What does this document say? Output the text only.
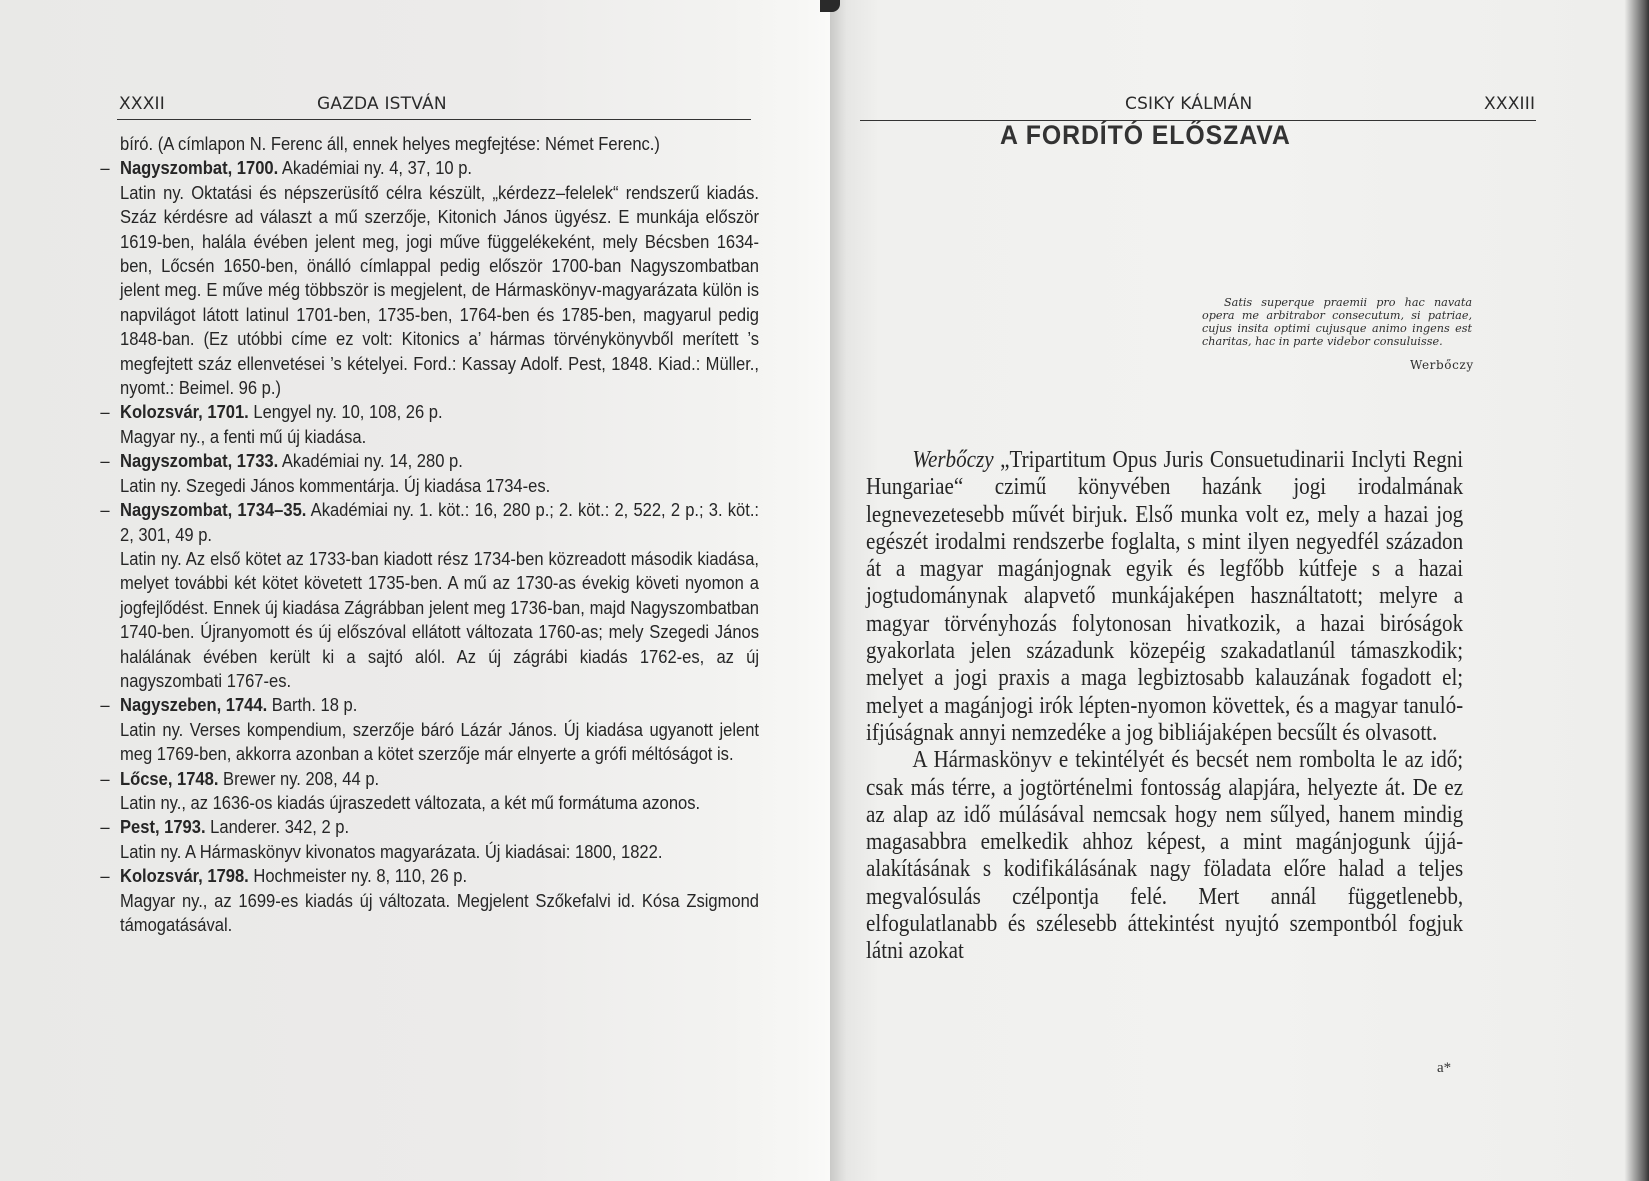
XXXII	GAZDA ISTVÁN
bíró. (A címlapon N. Ferenc áll, ennek helyes megfejtése: Német Ferenc.)
– Nagyszombat, 1700. Akadémiai ny. 4, 37, 10 p.
Latin ny. Oktatási és népszerüsítő célra készült, „kérdezz–felelek“ rendszerű kiadás. Száz kérdésre ad választ a mű szerzője, Kitonich János ügyész. E munkája először 1619-ben, halála évében jelent meg, jogi műve függelékeként, mely Bécsben 1634-ben, Lőcsén 1650-ben, önálló címlappal pedig először 1700-ban Nagyszombatban jelent meg. E műve még többször is megjelent, de Hármaskönyv-magyarázata külön is napvilágot látott latinul 1701-ben, 1735-ben, 1764-ben és 1785-ben, magyarul pedig 1848-ban. (Ez utóbbi címe ez volt: Kitonics a’ hármas törvénykönyvből merített ’s megfejtett száz ellenvetései ’s kételyei. Ford.: Kassay Adolf. Pest, 1848. Kiad.: Müller., nyomt.: Beimel. 96 p.)
– Kolozsvár, 1701. Lengyel ny. 10, 108, 26 p.
Magyar ny., a fenti mű új kiadása.
– Nagyszombat, 1733. Akadémiai ny. 14, 280 p.
Latin ny. Szegedi János kommentárja. Új kiadása 1734-es.
– Nagyszombat, 1734–35. Akadémiai ny. 1. köt.: 16, 280 p.; 2. köt.: 2, 522, 2 p.; 3. köt.: 2, 301, 49 p.
Latin ny. Az első kötet az 1733-ban kiadott rész 1734-ben közreadott második kiadása, melyet további két kötet követett 1735-ben. A mű az 1730-as évekig követi nyomon a jogfejlődést. Ennek új kiadása Zágrábban jelent meg 1736-ban, majd Nagyszombatban 1740-ben. Újranyomott és új előszóval ellátott változata 1760-as; mely Szegedi János halálának évében került ki a sajtó alól. Az új zágrábi kiadás 1762-es, az új nagyszombati 1767-es.
– Nagyszeben, 1744. Barth. 18 p.
Latin ny. Verses kompendium, szerzője báró Lázár János. Új kiadása ugyanott jelent meg 1769-ben, akkorra azonban a kötet szerzője már elnyerte a grófi méltóságot is.
– Lőcse, 1748. Brewer ny. 208, 44 p.
Latin ny., az 1636-os kiadás újraszedett változata, a két mű formátuma azonos.
– Pest, 1793. Landerer. 342, 2 p.
Latin ny. A Hármaskönyv kivonatos magyarázata. Új kiadásai: 1800, 1822.
– Kolozsvár, 1798. Hochmeister ny. 8, 110, 26 p.
Magyar ny., az 1699-es kiadás új változata. Megjelent Szőkefalvi id. Kósa Zsigmond támogatásával.
CSIKY KÁLMÁN	XXXIII
A FORDÍTÓ ELŐSZAVA
Satis superque praemii pro hac navata opera me arbitrabor consecutum, si patriae, cujus insita optimi cujusque animo ingens est charitas, hac in parte videbor consuluisse.
Werbőczy

Werbőczy „Tripartitum Opus Juris Consuetudinarii Inclyti Regni Hungariae“ czimű könyvében hazánk jogi irodalmának legnevezetesebb művét birjuk. Első munka volt ez, mely a hazai jog egészét irodalmi rendszerbe foglalta, s mint ilyen negyedfél századon át a magyar magánjognak egyik és legfőbb kútfeje s a hazai jogtudománynak alapvető munkájaképen használtatott; melyre a magyar törvényhozás folytonosan hivatkozik, a hazai biróságok gyakorlata jelen századunk közepéig szakadatlanúl támaszkodik; melyet a jogi praxis a maga legbiztosabb kalauzának fogadott el; melyet a magánjogi irók lépten-nyomon követtek, és a magyar tanuló-ifjúságnak annyi nemzedéke a jog bibliájaképen becsűlt és olvasott.

A Hármaskönyv e tekintélyét és becsét nem rombolta le az idő; csak más térre, a jogtörténelmi fontosság alapjára, helyezte át. De ez az alap az idő múlásával nemcsak hogy nem sűlyed, hanem mindig magasabbra emelkedik ahhoz képest, a mint magánjogunk újjá-alakításának s kodifikálásának nagy föladata előre halad a teljes megvalósulás czélpontja felé. Mert annál függetlenebb, elfogulatlanabb és szélesebb áttekintést nyujtó szempontból fogjuk látni azokat

a*
